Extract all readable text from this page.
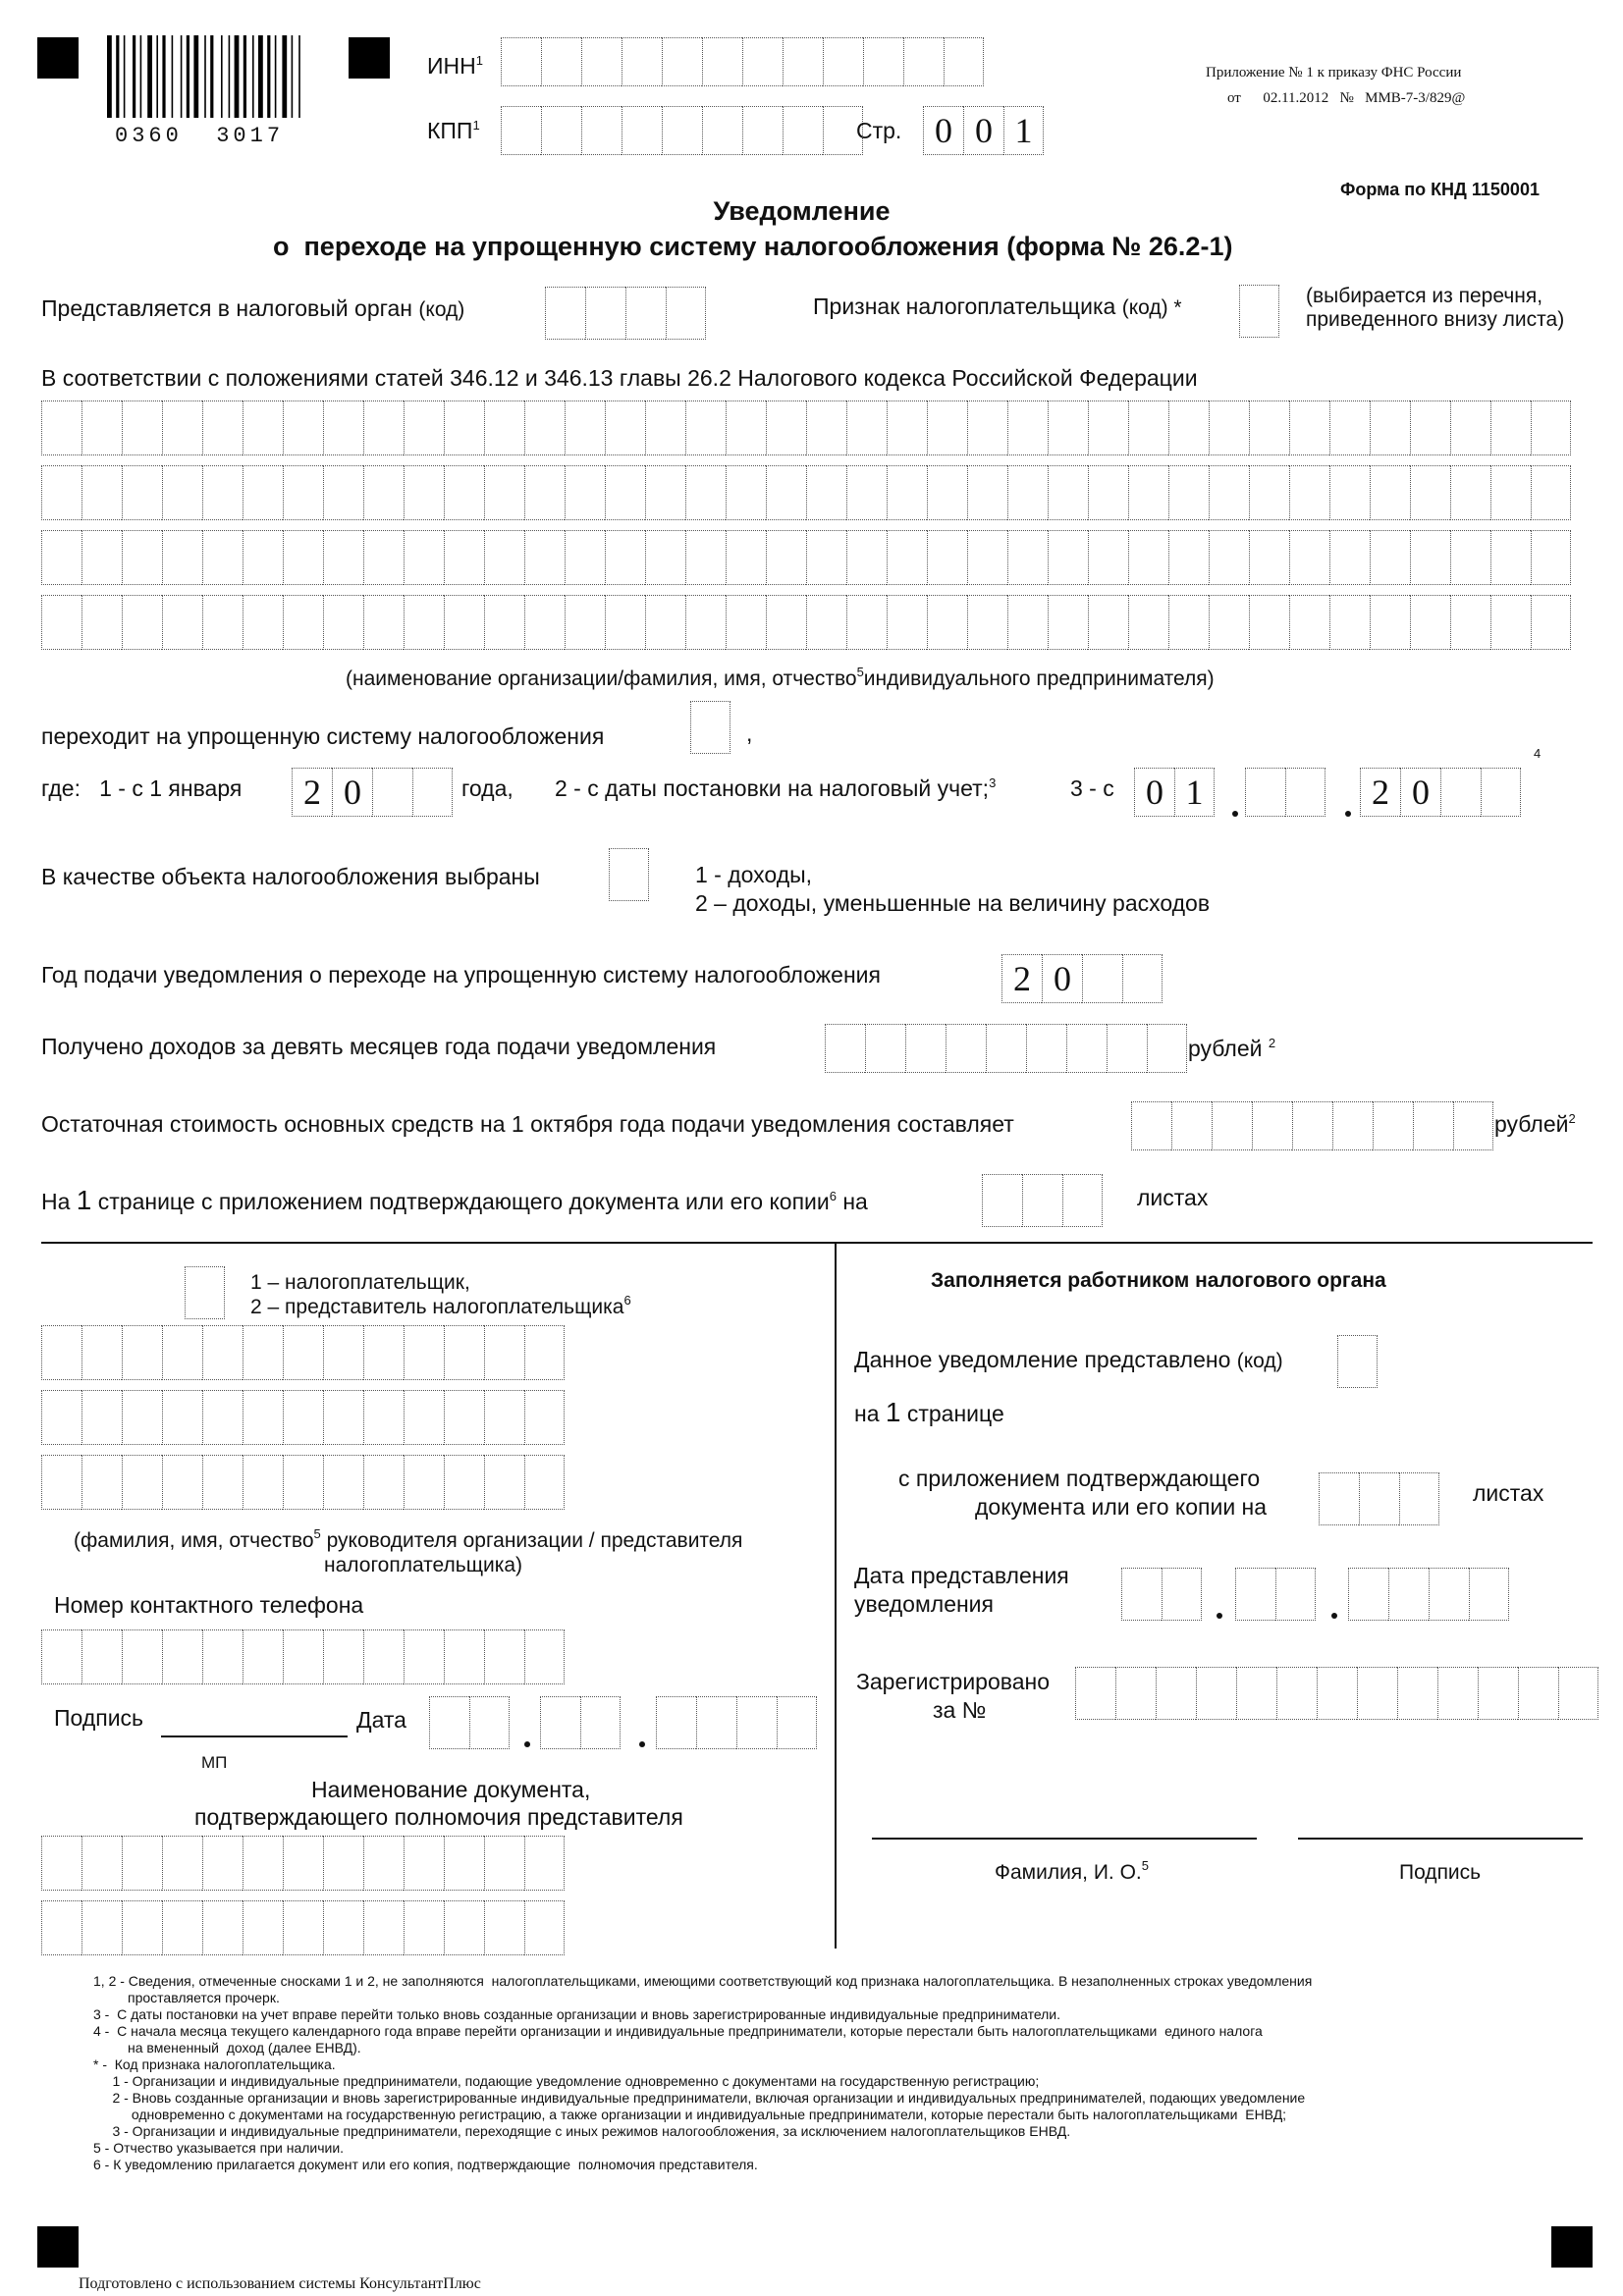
0360  3017
ИНН$^1$
КПП$^1$	Стр. 0 0 1
Приложение № 1 к приказу ФНС России
от      02.11.2012   №   ММВ-7-3/829@
Форма по КНД 1150001
Уведомление
о  переходе на упрощенную систему налогообложения (форма № 26.2-1)
Представляется в налоговый орган (код)	Признак налогоплательщика (код) *
(выбирается из перечня,
приведенного внизу листа)
В соответствии с положениями статей 346.12 и 346.13 главы 26.2 Налогового кодекса Российской Федерации
(наименование организации/фамилия, имя, отчество$^5$индивидуального предпринимателя)
переходит на упрощенную систему налогообложения	,
где:   1 - с 1 января	2 0	года, 2 - с даты постановки на налоговый учет;$^3$	3 - с 0 1	2 0
4
В качестве объекта налогообложения выбраны	1 - доходы,
2 – доходы, уменьшенные на величину расходов
Год подачи уведомления о переходе на упрощенную систему налогообложения	2 0
Получено доходов за девять месяцев года подачи уведомления	рублей $^2$
Остаточная стоимость основных средств на 1 октября года подачи уведомления составляет	рублей$^2$
На 1 странице с приложением подтверждающего документа или его копии$^6$ на	листах
1 – налогоплательщик,
2 – представитель налогоплательщика$^6$
(фамилия, имя, отчество$^5$ руководителя организации / представителя
налогоплательщика)
Номер контактного телефона
Подпись	Дата
МП
Наименование документа,
подтверждающего полномочия представителя
Заполняется работником налогового органа
Данное уведомление представлено (код)
на 1 странице
с приложением подтверждающего
документа или его копии на
листах
Дата представления
уведомления
Зарегистрировано
за №
Фамилия, И. О.$^5$	Подпись
1, 2 - Сведения, отмеченные сносками 1 и 2, не заполняются  налогоплательщиками, имеющими соответствующий код признака налогоплательщика. В незаполненных строках уведомления
проставляется прочерк.
3 -  С даты постановки на учет вправе перейти только вновь созданные организации и вновь зарегистрированные индивидуальные предприниматели.
4 -  С начала месяца текущего календарного года вправе перейти организации и индивидуальные предприниматели, которые перестали быть налогоплательщиками  единого налога
на вмененный  доход (далее ЕНВД).
* -  Код признака налогоплательщика.
1 - Организации и индивидуальные предприниматели, подающие уведомление одновременно с документами на государственную регистрацию;
2 - Вновь созданные организации и вновь зарегистрированные индивидуальные предприниматели, включая организации и индивидуальных предпринимателей, подающих уведомление
одновременно с документами на государственную регистрацию, а также организации и индивидуальные предприниматели, которые перестали быть налогоплательщиками  ЕНВД;
3 - Организации и индивидуальные предприниматели, переходящие с иных режимов налогообложения, за исключением налогоплательщиков ЕНВД.
5 - Отчество указывается при наличии.
6 - К уведомлению прилагается документ или его копия, подтверждающие  полномочия представителя.
Подготовлено с использованием системы КонсультантПлюс
